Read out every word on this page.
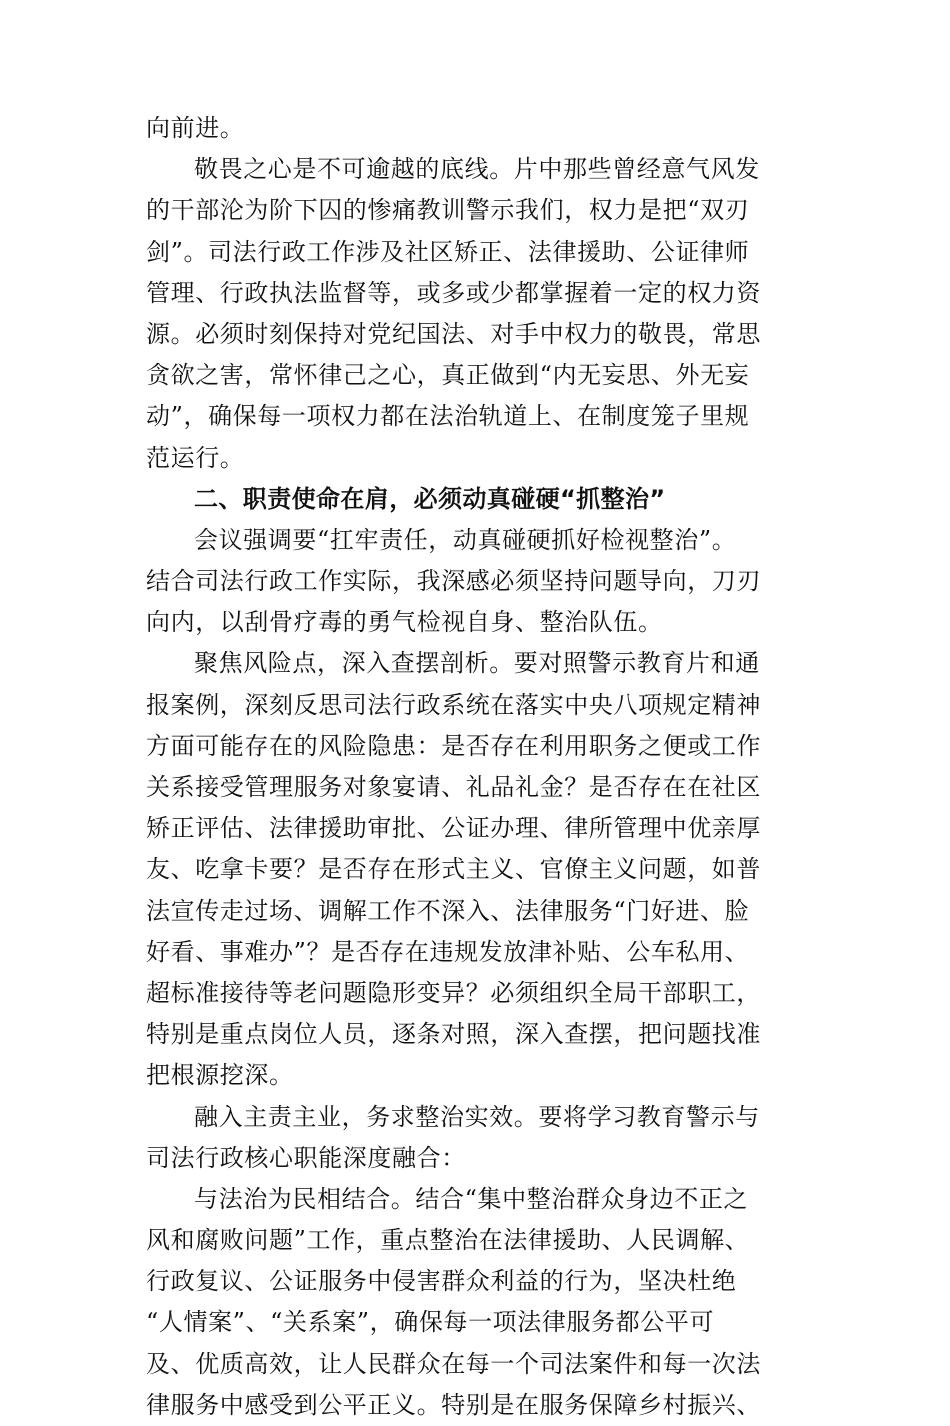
向前进。
敬畏之心是不可逾越的底线。片中那些曾经意气风发
的干部沦为阶下囚的惨痛教训警示我们，权力是把“双刃
剑”。司法行政工作涉及社区矫正、法律援助、公证律师
管理、行政执法监督等，或多或少都掌握着一定的权力资
源。必须时刻保持对党纪国法、对手中权力的敬畏，常思
贪欲之害，常怀律己之心，真正做到“内无妄思、外无妄
动”，确保每一项权力都在法治轨道上、在制度笼子里规
范运行。
二、职责使命在肩，必须动真碰硬“抓整治”
会议强调要“扛牢责任，动真碰硬抓好检视整治”。
结合司法行政工作实际，我深感必须坚持问题导向，刀刃
向内，以刮骨疗毒的勇气检视自身、整治队伍。
聚焦风险点，深入查摆剖析。要对照警示教育片和通
报案例，深刻反思司法行政系统在落实中央八项规定精神
方面可能存在的风险隐患：是否存在利用职务之便或工作
关系接受管理服务对象宴请、礼品礼金？是否存在在社区
矫正评估、法律援助审批、公证办理、律所管理中优亲厚
友、吃拿卡要？是否存在形式主义、官僚主义问题，如普
法宣传走过场、调解工作不深入、法律服务“门好进、脸
好看、事难办”？是否存在违规发放津补贴、公车私用、
超标准接待等老问题隐形变异？必须组织全局干部职工，
特别是重点岗位人员，逐条对照，深入查摆，把问题找准
把根源挖深。
融入主责主业，务求整治实效。要将学习教育警示与
司法行政核心职能深度融合：
与法治为民相结合。结合“集中整治群众身边不正之
风和腐败问题”工作，重点整治在法律援助、人民调解、
行政复议、公证服务中侵害群众利益的行为，坚决杜绝
“人情案”、“关系案”，确保每一项法律服务都公平可
及、优质高效，让人民群众在每一个司法案件和每一次法
律服务中感受到公平正义。特别是在服务保障乡村振兴、
